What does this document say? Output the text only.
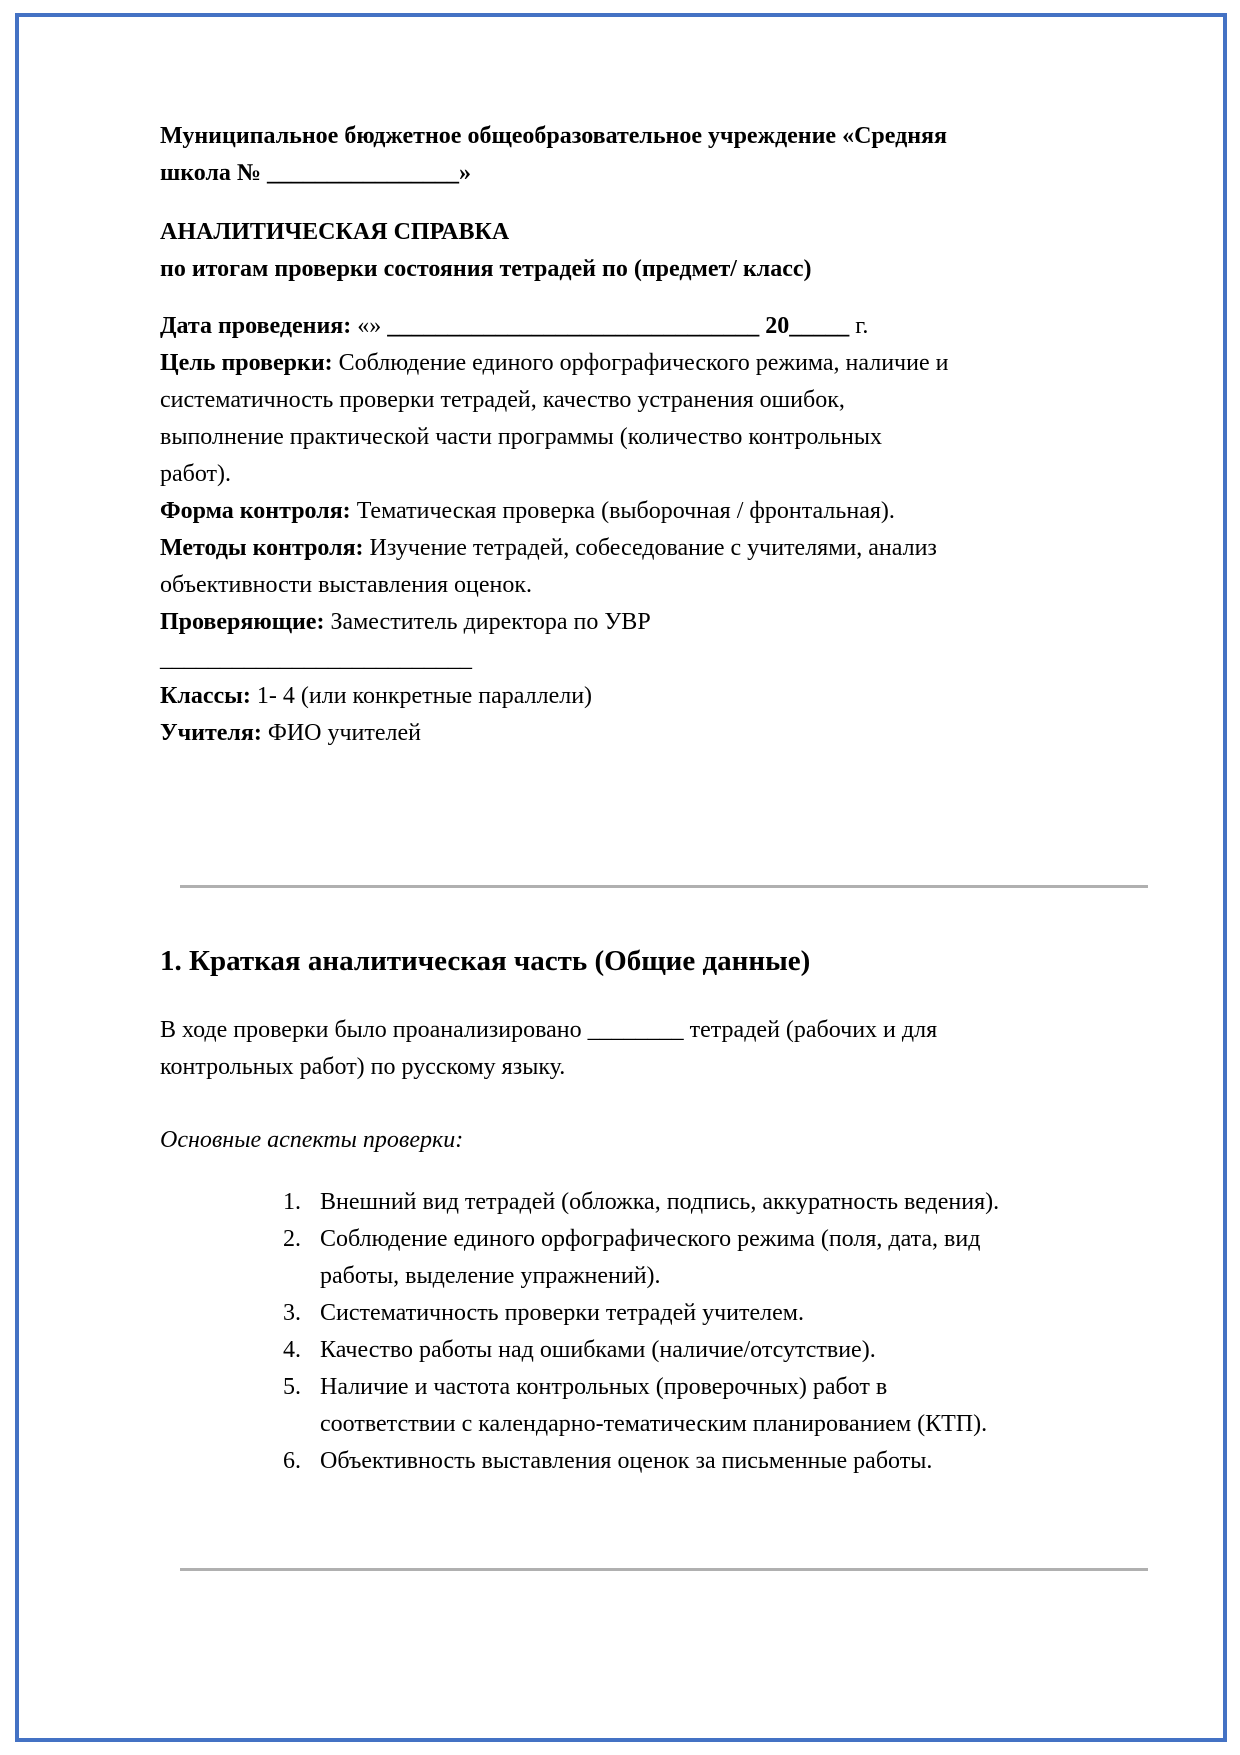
Муниципальное бюджетное общеобразовательное учреждение «Средняя
школа № ________________»
АНАЛИТИЧЕСКАЯ СПРАВКА
по итогам проверки состояния тетрадей по (предмет/ класс)
Дата проведения: «» _______________________________ 20_____ г.
Цель проверки: Соблюдение единого орфографического режима, наличие и
систематичность проверки тетрадей, качество устранения ошибок,
выполнение практической части программы (количество контрольных
работ).
Форма контроля: Тематическая проверка (выборочная / фронтальная).
Методы контроля: Изучение тетрадей, собеседование с учителями, анализ
объективности выставления оценок.
Проверяющие: Заместитель директора по УВР
__________________________
Классы: 1- 4 (или конкретные параллели)
Учителя: ФИО учителей
1. Краткая аналитическая часть (Общие данные)
В ходе проверки было проанализировано ________ тетрадей (рабочих и для
контрольных работ) по русскому языку.
Основные аспекты проверки:
1. Внешний вид тетрадей (обложка, подпись, аккуратность ведения).
2. Соблюдение единого орфографического режима (поля, дата, вид
работы, выделение упражнений).
3. Систематичность проверки тетрадей учителем.
4. Качество работы над ошибками (наличие/отсутствие).
5. Наличие и частота контрольных (проверочных) работ в
соответствии с календарно-тематическим планированием (КТП).
6. Объективность выставления оценок за письменные работы.
